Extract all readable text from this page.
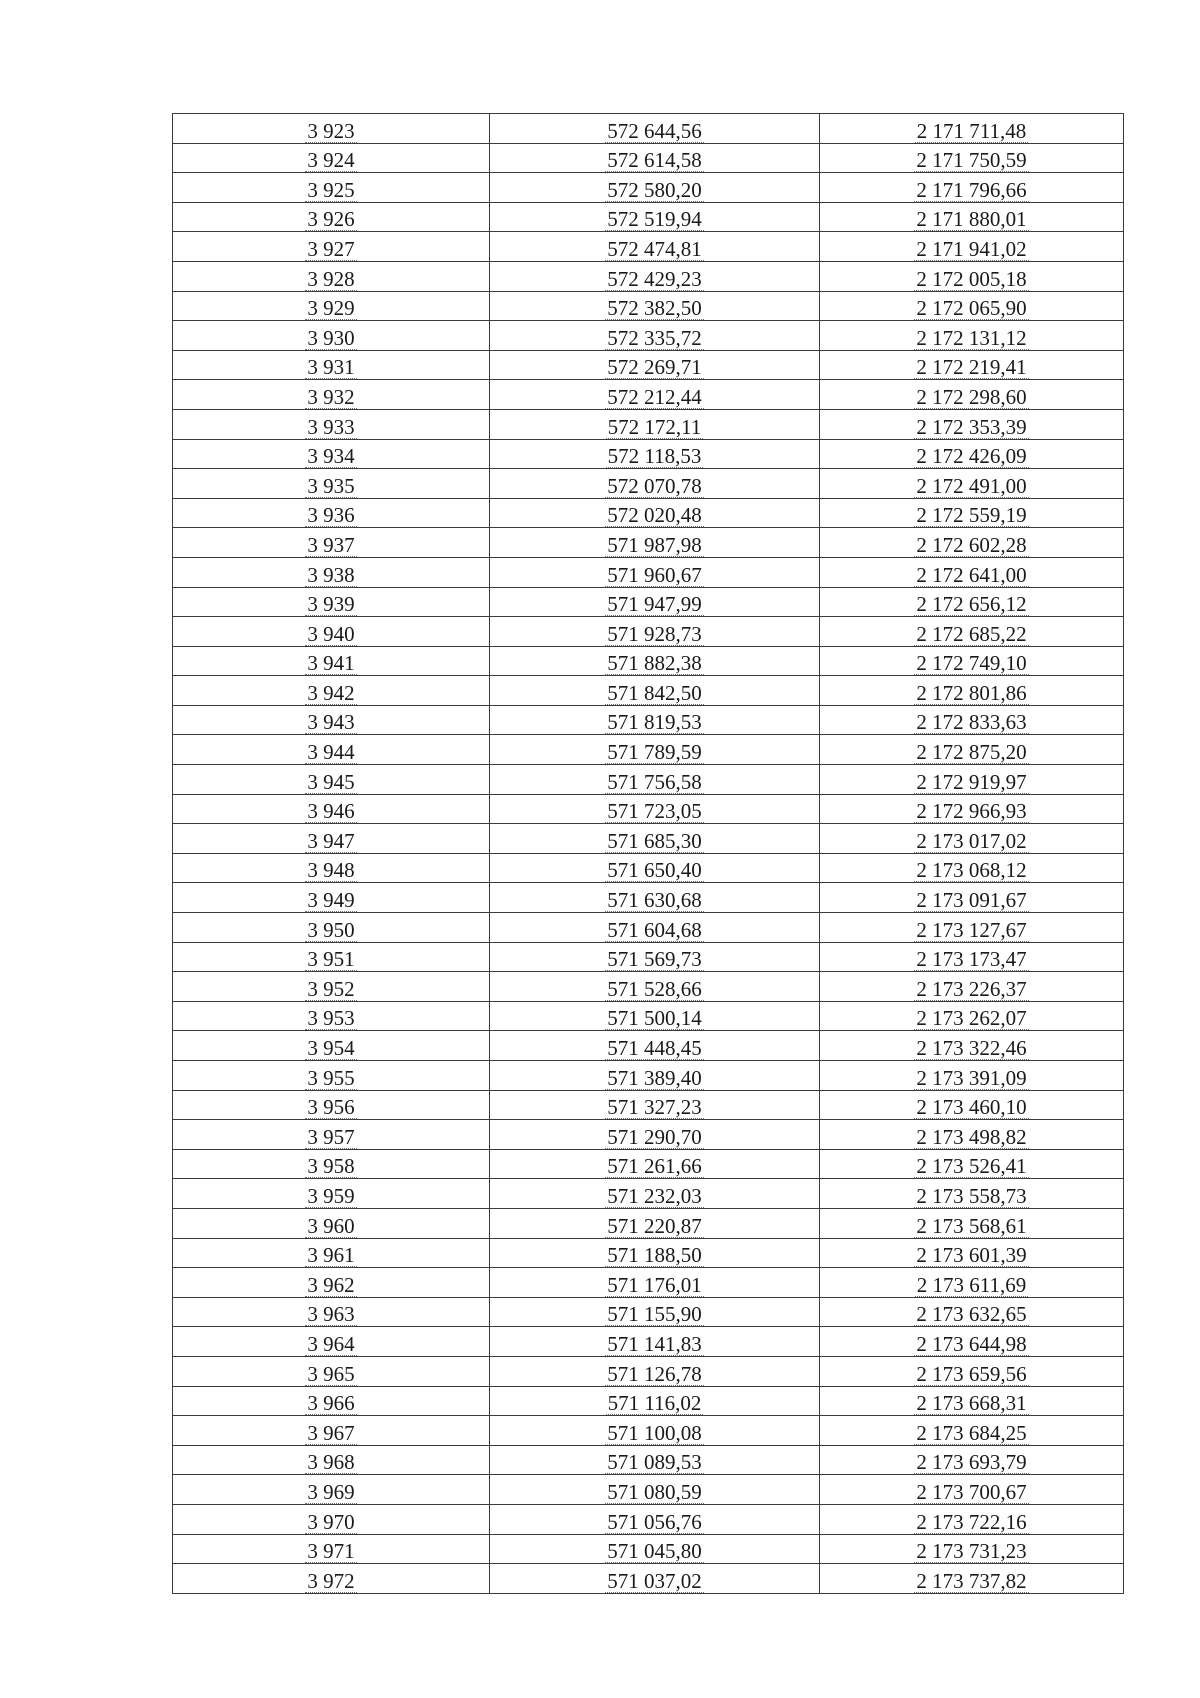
3 923	572 644,56	2 171 711,48
3 924	572 614,58	2 171 750,59
3 925	572 580,20	2 171 796,66
3 926	572 519,94	2 171 880,01
3 927	572 474,81	2 171 941,02
3 928	572 429,23	2 172 005,18
3 929	572 382,50	2 172 065,90
3 930	572 335,72	2 172 131,12
3 931	572 269,71	2 172 219,41
3 932	572 212,44	2 172 298,60
3 933	572 172,11	2 172 353,39
3 934	572 118,53	2 172 426,09
3 935	572 070,78	2 172 491,00
3 936	572 020,48	2 172 559,19
3 937	571 987,98	2 172 602,28
3 938	571 960,67	2 172 641,00
3 939	571 947,99	2 172 656,12
3 940	571 928,73	2 172 685,22
3 941	571 882,38	2 172 749,10
3 942	571 842,50	2 172 801,86
3 943	571 819,53	2 172 833,63
3 944	571 789,59	2 172 875,20
3 945	571 756,58	2 172 919,97
3 946	571 723,05	2 172 966,93
3 947	571 685,30	2 173 017,02
3 948	571 650,40	2 173 068,12
3 949	571 630,68	2 173 091,67
3 950	571 604,68	2 173 127,67
3 951	571 569,73	2 173 173,47
3 952	571 528,66	2 173 226,37
3 953	571 500,14	2 173 262,07
3 954	571 448,45	2 173 322,46
3 955	571 389,40	2 173 391,09
3 956	571 327,23	2 173 460,10
3 957	571 290,70	2 173 498,82
3 958	571 261,66	2 173 526,41
3 959	571 232,03	2 173 558,73
3 960	571 220,87	2 173 568,61
3 961	571 188,50	2 173 601,39
3 962	571 176,01	2 173 611,69
3 963	571 155,90	2 173 632,65
3 964	571 141,83	2 173 644,98
3 965	571 126,78	2 173 659,56
3 966	571 116,02	2 173 668,31
3 967	571 100,08	2 173 684,25
3 968	571 089,53	2 173 693,79
3 969	571 080,59	2 173 700,67
3 970	571 056,76	2 173 722,16
3 971	571 045,80	2 173 731,23
3 972	571 037,02	2 173 737,82
